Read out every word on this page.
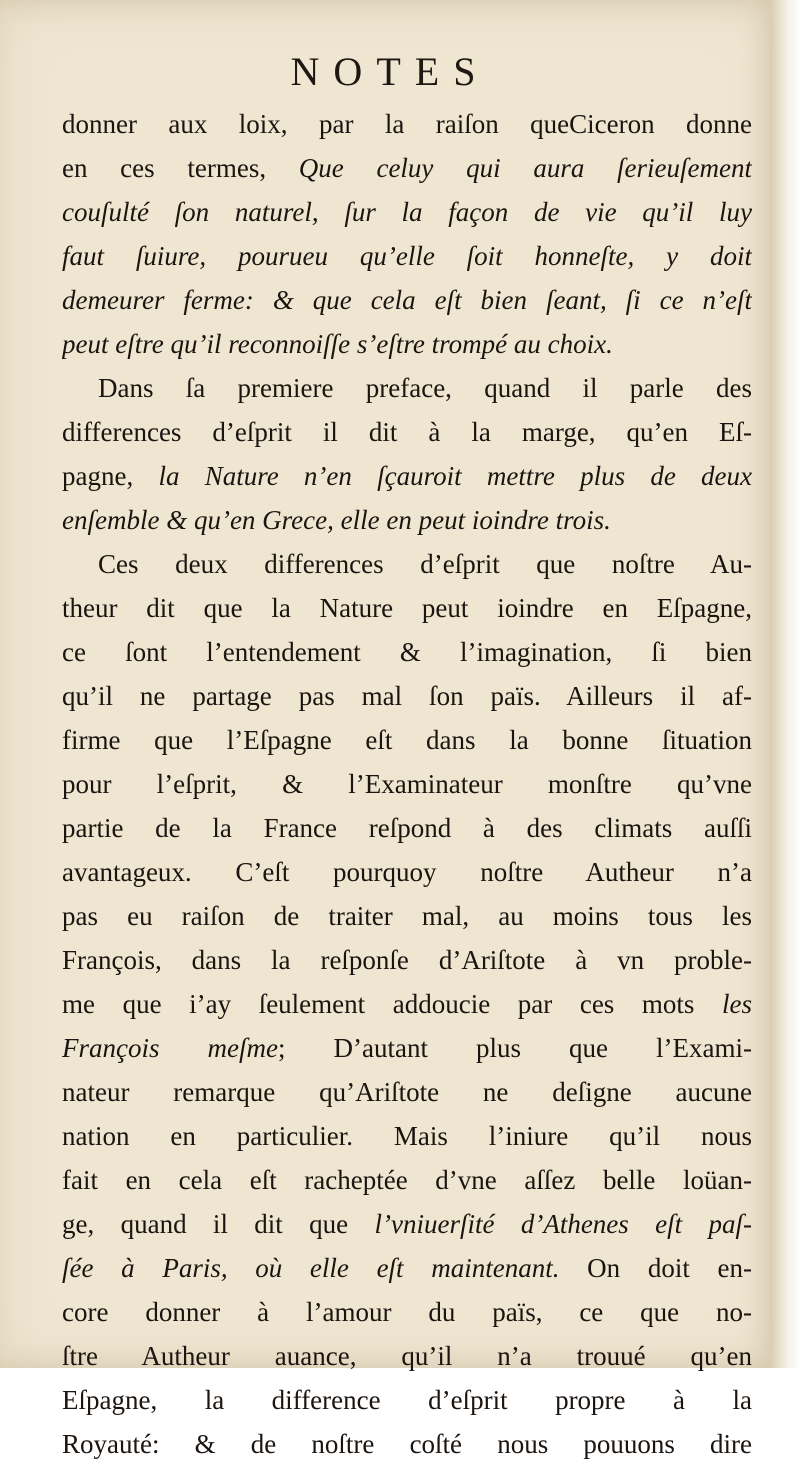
NOTES
donner aux loix, par la raiſon queCiceron donne
en ces termes, Que celuy qui aura ſerieuſement
couſulté ſon naturel, ſur la façon de vie qu’il luy
faut ſuiure, pourueu qu’elle ſoit honneſte, y doit
demeurer ferme: & que cela eſt bien ſeant, ſi ce n’eſt
peut eſtre qu’il reconnoiſſe s’eſtre trompé au choix.
Dans ſa premiere preface, quand il parle des
differences d’eſprit il dit à la marge, qu’en Eſ-
pagne, la Nature n’en ſçauroit mettre plus de deux
enſemble & qu’en Grece, elle en peut ioindre trois.
Ces deux differences d’eſprit que noſtre Au-
theur dit que la Nature peut ioindre en Eſpagne,
ce ſont l’entendement & l’imagination, ſi bien
qu’il ne partage pas mal ſon païs. Ailleurs il af-
firme que l’Eſpagne eſt dans la bonne ſituation
pour l’eſprit, & l’Examinateur monſtre qu’vne
partie de la France reſpond à des climats auſſi
avantageux. C’eſt pourquoy noſtre Autheur n’a
pas eu raiſon de traiter mal, au moins tous les
François, dans la reſponſe d’Ariſtote à vn proble-
me que i’ay ſeulement addoucie par ces mots les
François meſme; D’autant plus que l’Exami-
nateur remarque qu’Ariſtote ne deſigne aucune
nation en particulier. Mais l’iniure qu’il nous
fait en cela eſt racheptée d’vne aſſez belle loüan-
ge, quand il dit que l’vniuerſité d’Athenes eſt paſ-
ſée à Paris, où elle eſt maintenant. On doit en-
core donner à l’amour du païs, ce que no-
ſtre Autheur auance, qu’il n’a trouué qu’en
Eſpagne, la difference d’eſprit propre à la
Royauté: & de noſtre coſté nous pouuons dire
